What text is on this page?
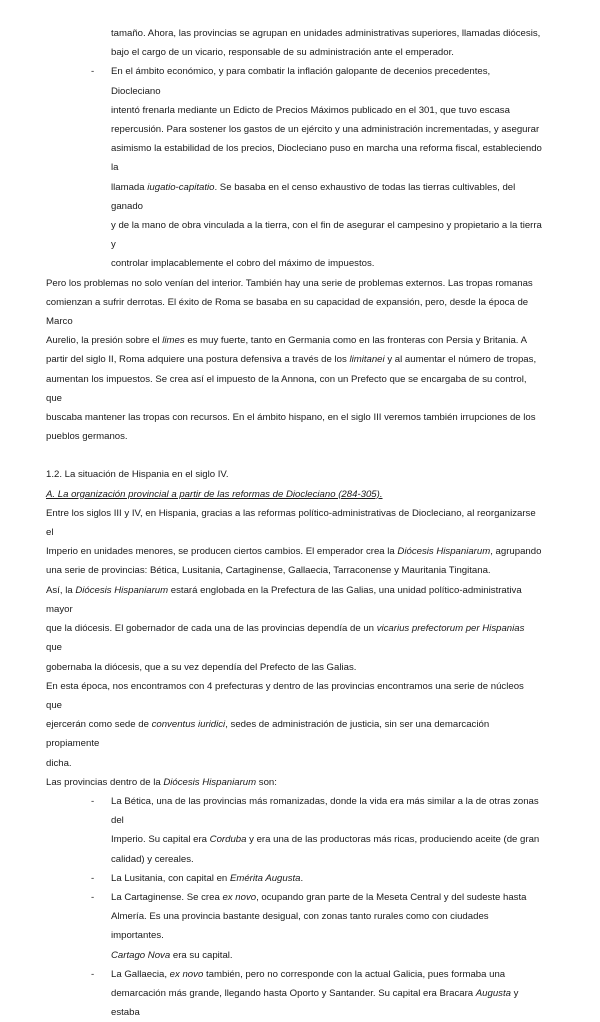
tamaño. Ahora, las provincias se agrupan en unidades administrativas superiores, llamadas diócesis,
bajo el cargo de un vicario, responsable de su administración ante el emperador.

- En el ámbito económico, y para combatir la inflación galopante de decenios precedentes, Diocleciano
intentó frenarla mediante un Edicto de Precios Máximos publicado en el 301, que tuvo escasa
repercusión. Para sostener los gastos de un ejército y una administración incrementadas, y asegurar
asimismo la estabilidad de los precios, Diocleciano puso en marcha una reforma fiscal, estableciendo la
llamada iugatio-capitatio. Se basaba en el censo exhaustivo de todas las tierras cultivables, del ganado
y de la mano de obra vinculada a la tierra, con el fin de asegurar el campesino y propietario a la tierra y
controlar implacablemente el cobro del máximo de impuestos.

Pero los problemas no solo venían del interior. También hay una serie de problemas externos. Las tropas romanas
comienzan a sufrir derrotas. El éxito de Roma se basaba en su capacidad de expansión, pero, desde la época de Marco
Aurelio, la presión sobre el limes es muy fuerte, tanto en Germania como en las fronteras con Persia y Britania. A
partir del siglo II, Roma adquiere una postura defensiva a través de los limitanei y al aumentar el número de tropas,
aumentan los impuestos. Se crea así el impuesto de la Annona, con un Prefecto que se encargaba de su control, que
buscaba mantener las tropas con recursos. En el ámbito hispano, en el siglo III veremos también irrupciones de los
pueblos germanos.

1.2. La situación de Hispania en el siglo IV.

A. La organización provincial a partir de las reformas de Diocleciano (284-305).

Entre los siglos III y IV, en Hispania, gracias a las reformas político-administrativas de Diocleciano, al reorganizarse el
Imperio en unidades menores, se producen ciertos cambios. El emperador crea la Diócesis Hispaniarum, agrupando
una serie de provincias: Bética, Lusitania, Cartaginense, Gallaecia, Tarraconense y Mauritania Tingitana.

Así, la Diócesis Hispaniarum estará englobada en la Prefectura de las Galias, una unidad político-administrativa mayor
que la diócesis. El gobernador de cada una de las provincias dependía de un vicarius prefectorum per Hispanias que
gobernaba la diócesis, que a su vez dependía del Prefecto de las Galias.

En esta época, nos encontramos con 4 prefecturas y dentro de las provincias encontramos una serie de núcleos que
ejercerán como sede de conventus iuridici, sedes de administración de justicia, sin ser una demarcación propiamente
dicha.

Las provincias dentro de la Diócesis Hispaniarum son:

- La Bética, una de las provincias más romanizadas, donde la vida era más similar a la de otras zonas del
Imperio. Su capital era Corduba y era una de las productoras más ricas, produciendo aceite (de gran
calidad) y cereales.
- La Lusitania, con capital en Emérita Augusta.
- La Cartaginense. Se crea ex novo, ocupando gran parte de la Meseta Central y del sudeste hasta
Almería. Es una provincia bastante desigual, con zonas tanto rurales como con ciudades importantes.
Cartago Nova era su capital.
- La Gallaecia, ex novo también, pero no corresponde con la actual Galicia, pues formaba una
demarcación más grande, llegando hasta Oporto y Santander. Su capital era Bracara Augusta y estaba
